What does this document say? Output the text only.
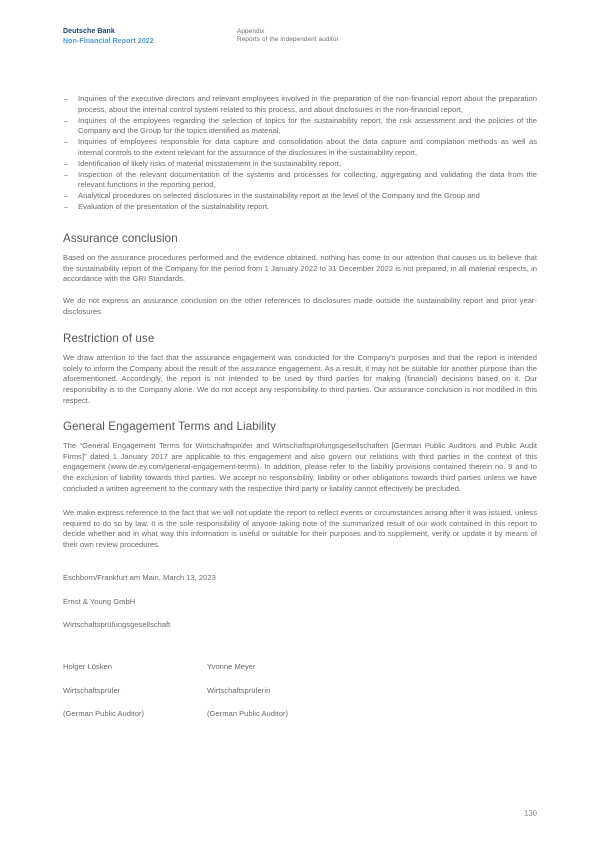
Deutsche Bank
Non-Financial Report 2022
Appendix
Reports of the independent auditor
– Inquiries of the executive directors and relevant employees involved in the preparation of the non-financial report about the preparation process, about the internal control system related to this process, and about disclosures in the non-financial report,
– Inquiries of the employees regarding the selection of topics for the sustainability report, the risk assessment and the policies of the Company and the Group for the topics identified as material,
– Inquiries of employees responsible for data capture and consolidation about the data capture and compilation methods as well as internal controls to the extent relevant for the assurance of the disclosures in the sustainability report,
– Identification of likely risks of material misstatement in the sustainability report,
– Inspection of the relevant documentation of the systems and processes for collecting, aggregating and validating the data from the relevant functions in the reporting period,
– Analytical procedures on selected disclosures in the sustainability report at the level of the Company and the Group and
– Evaluation of the presentation of the sustainability report.
Assurance conclusion

Based on the assurance procedures performed and the evidence obtained, nothing has come to our attention that causes us to believe that the sustainability report of the Company for the period from 1 January 2022 to 31 December 2022 is not prepared, in all material respects, in accordance with the GRI Standards.

We do not express an assurance conclusion on the other references to disclosures made outside the sustainability report and prior year-disclosures.

Restriction of use

We draw attention to the fact that the assurance engagement was conducted for the Company’s purposes and that the report is intended solely to inform the Company about the result of the assurance engagement. As a result, it may not be suitable for another purpose than the aforementioned. Accordingly, the report is not intended to be used by third parties for making (financial) decisions based on it. Our responsibility is to the Company alone. We do not accept any responsibility to third parties. Our assurance conclusion is not modified in this respect.

General Engagement Terms and Liability

The “General Engagement Terms for Wirtschaftsprüfer and Wirtschaftsprüfungsgesellschaften [German Public Auditors and Public Audit Firms]” dated 1 January 2017 are applicable to this engagement and also govern our relations with third parties in the context of this engagement (www.de.ey.com/general-engagement-terms). In addition, please refer to the liability provisions contained therein no. 9 and to the exclusion of liability towards third parties. We accept no responsibility, liability or other obligations towards third parties unless we have concluded a written agreement to the contrary with the respective third party or liability cannot effectively be precluded.

We make express reference to the fact that we will not update the report to reflect events or circumstances arising after it was issued, unless required to do so by law. It is the sole responsibility of anyone taking note of the summarized result of our work contained in this report to decide whether and in what way this information is useful or suitable for their purposes and to supplement, verify or update it by means of their own review procedures.

Eschborn/Frankfurt am Main, March 13, 2023

Ernst & Young GmbH

Wirtschaftsprüfungsgesellschaft

Holger Lösken	Yvonne Meyer
Wirtschaftsprüfer	Wirtschaftsprüferin
(German Public Auditor)	(German Public Auditor)
130
